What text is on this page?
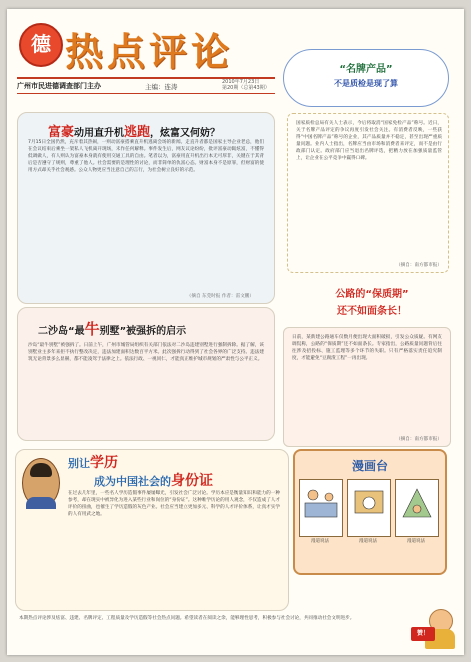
德 热点评论
广州市民进德调查部门主办	主编：连涛
2010年7月23日
第20期（总第43期）
富豪动用直升机逃跑，炫富又何妨？
7月15日全国仍然，充斥着其热闹，一则动富豪搭乘直升机逃离会场的新闻。走直升者都是国家主导企业老总，他们在会议结束后乘坐一架私人飞机离开现场，未作任何解释。事件发生后，网友议论纷纷，批评富豪动辄炫富，不懂得低调做人，有人则认为富豪本身就有使用交通工具的自由。笔者以为，富豪用直升机出行本无可厚非，关键在于其背后是否遵守了规则，尊重了他人。社会需要的是理性的讨论，而非简单的仇富心态。财富本身不是原罪，但财富的使用方式却关乎社会观感。公众人物更应当注意自己的言行，为社会树立良好的示范。
（摘自 东莞时报 作者：雷文鹏）
二沙岛“最牛别墅”被强拆的启示
沙岛“最牛别墅”被强拆了。日前上午，广州市城管局组织有关部门依法对二沙岛违建别墅进行强制拆除。据了解，该别墅业主多年来拒不执行整改决定，违法加建面积达数百平方米。此次强拆行动得到了社会各界的广泛支持。违法建筑无论背景多么显赫，都不能凌驾于法律之上。依法行政、一视同仁，才能真正维护城市规划的严肃性与公平正义。
“名牌产品”
不是质检是现了算
国家质检总局有关人士表示，今后将取消“国家免检产品”称号。近日，关于名牌产品评定的争议再度引发社会关注。有消费者反映，一些获得“中国名牌产品”称号的企业，其产品质量并不稳定，甚至出现严重质量问题。业内人士指出，名牌应当由市场和消费者来评定，而不是由行政部门认定。政府部门应当退出名牌评选，把精力放在加强质量监管上，让企业在公平竞争中赢得口碑。
（摘自：南方都市报）
公路的“保质期”
还不如面条长！
日前，某新建公路通车仅数月便出现大面积破损，引发公众质疑。有网友调侃称，公路的“保质期”还不如面条长。专家指出，公路质量问题背后往往涉及招投标、施工监理等多个环节的失职。只有严格落实责任追究制度，才能避免“豆腐渣工程”一再出现。
（摘自：南方都市报）
别让学历
成为中国社会的身份证
在过去几年里，一些名人学历造假事件屡屡曝光，引发社会广泛讨论。学历本应是衡量知识和能力的一种参考，却在现实中被异化为进入某些行业和岗位的“身份证”。这种唯学历论的用人观念，不仅造成了人才评价的扭曲，也催生了学历造假的灰色产业。社会应当建立更加多元、科学的人才评价体系，让真才实学的人有用武之地。
漫画台
漫道说法	漫道说法	漫道说法
本期热点评论涉及炫富、违建、名牌评定、工程质量及学历造假等社会热点问题。希望读者在阅读之余，能够理性思考，积极参与社会讨论，共同推动社会文明进步。
赞！
